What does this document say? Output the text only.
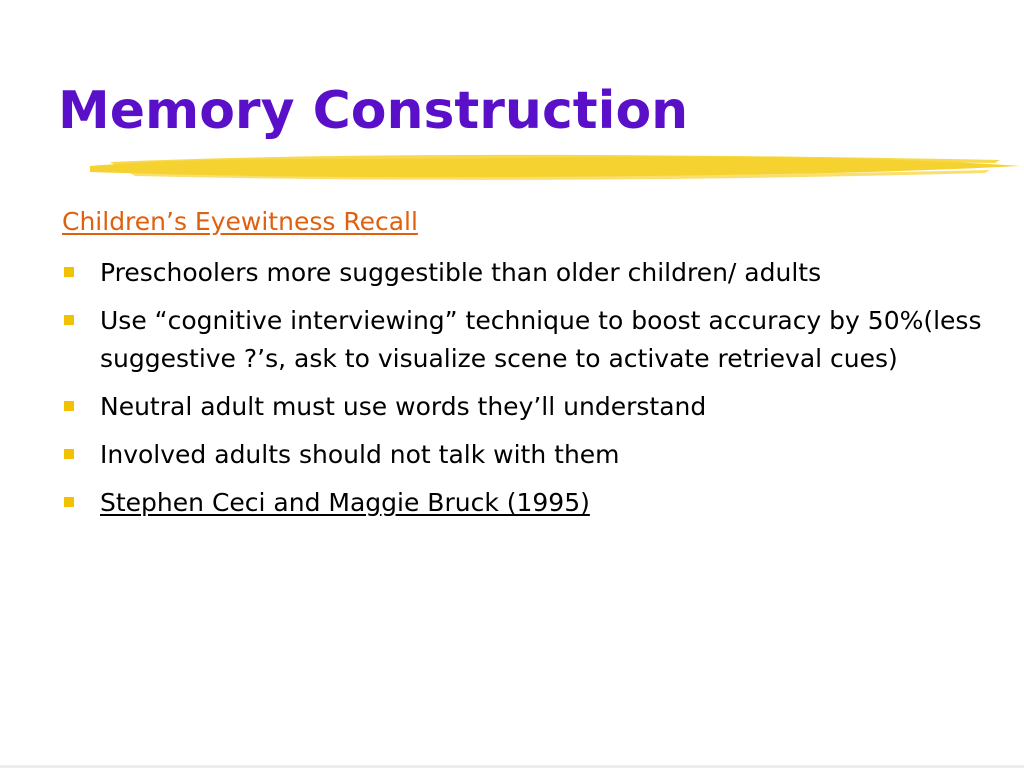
Memory Construction
Children’s Eyewitness Recall
Preschoolers more suggestible than older children/ adults
Use “cognitive interviewing” technique to boost accuracy by 50%(less suggestive ?’s, ask to visualize scene to activate retrieval cues)
Neutral adult must use words they’ll understand
Involved adults should not talk with them
Stephen Ceci and Maggie Bruck (1995)
